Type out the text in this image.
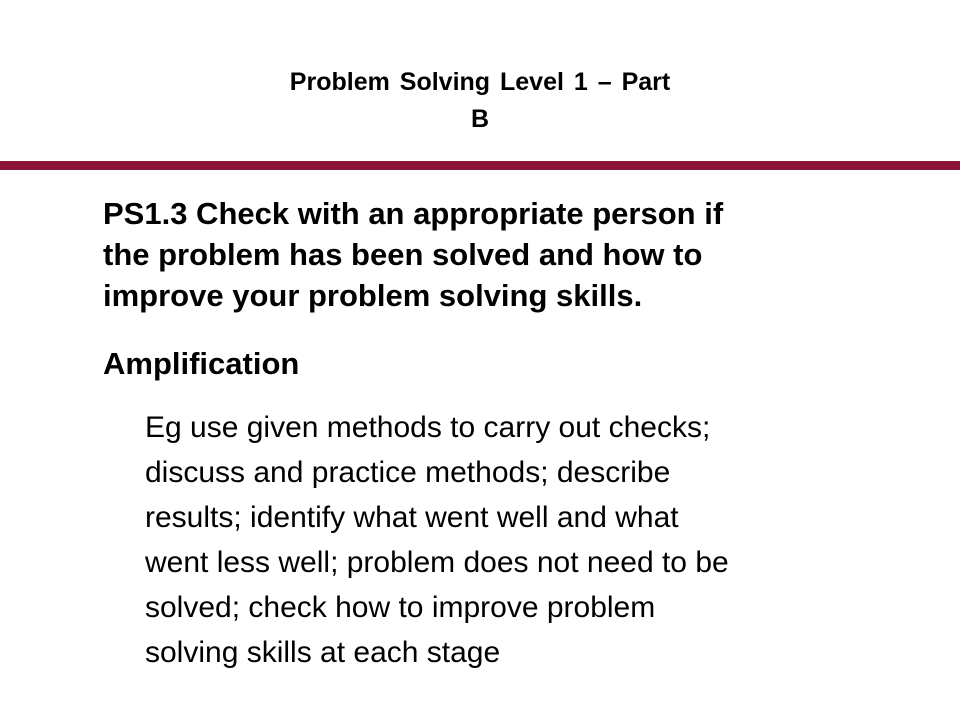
Problem Solving Level 1 – Part
B
PS1.3 Check with an appropriate person if
the problem has been solved and how to
improve your problem solving skills.
Amplification
Eg use given methods to carry out checks;
discuss and practice methods; describe
results; identify what went well and what
went less well; problem does not need to be
solved; check how to improve problem
solving skills at each stage
